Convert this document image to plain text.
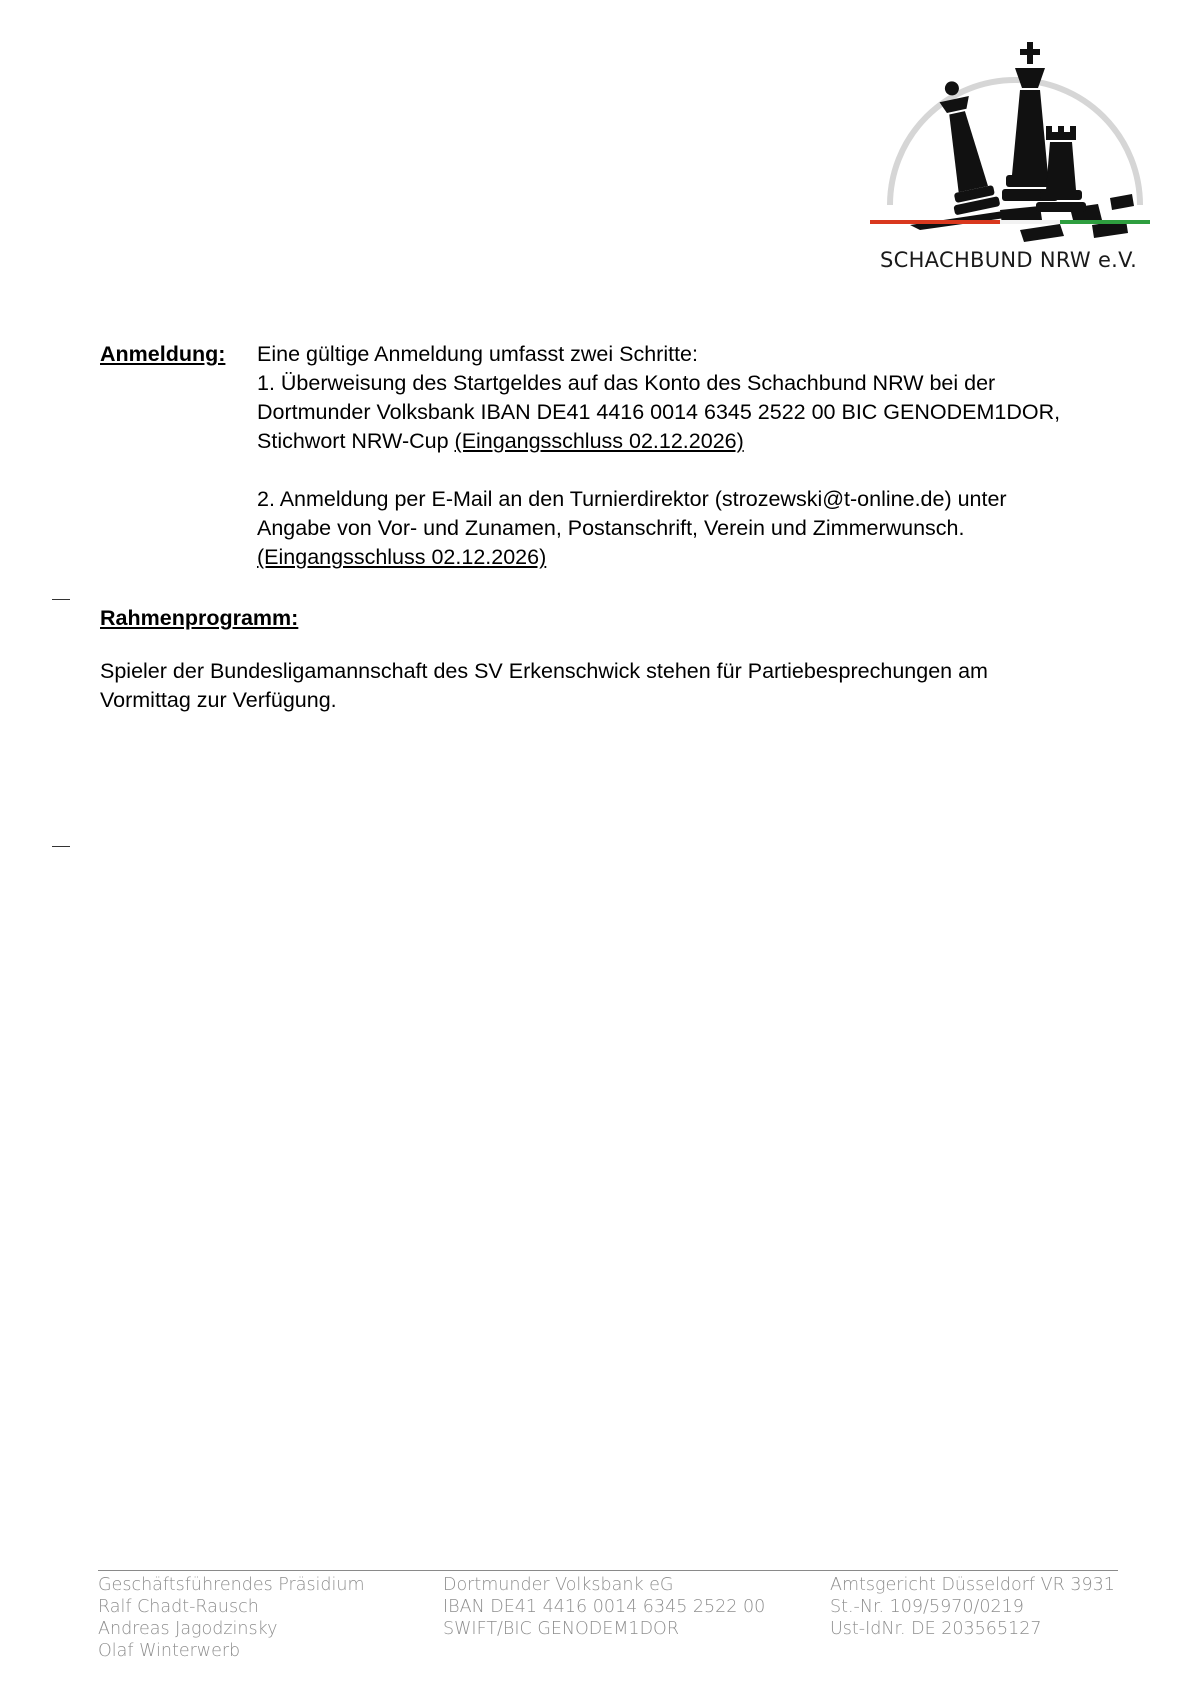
SCHACHBUND NRW e.V.
Anmeldung: Eine gültige Anmeldung umfasst zwei Schritte:
1. Überweisung des Startgeldes auf das Konto des Schachbund NRW bei der
Dortmunder Volksbank IBAN DE41 4416 0014 6345 2522 00 BIC GENODEM1DOR,
Stichwort NRW-Cup (Eingangsschluss 02.12.2026)
2. Anmeldung per E-Mail an den Turnierdirektor (strozewski@t-online.de) unter
Angabe von Vor- und Zunamen, Postanschrift, Verein und Zimmerwunsch.
(Eingangsschluss 02.12.2026)
Rahmenprogramm:
Spieler der Bundesligamannschaft des SV Erkenschwick stehen für Partiebesprechungen am
Vormittag zur Verfügung.
Geschäftsführendes Präsidium
Ralf Chadt-Rausch
Andreas Jagodzinsky
Olaf Winterwerb
Dortmunder Volksbank eG
IBAN DE41 4416 0014 6345 2522 00
SWIFT/BIC GENODEM1DOR
Amtsgericht Düsseldorf VR 3931
St.-Nr. 109/5970/0219
Ust-IdNr. DE 203565127
